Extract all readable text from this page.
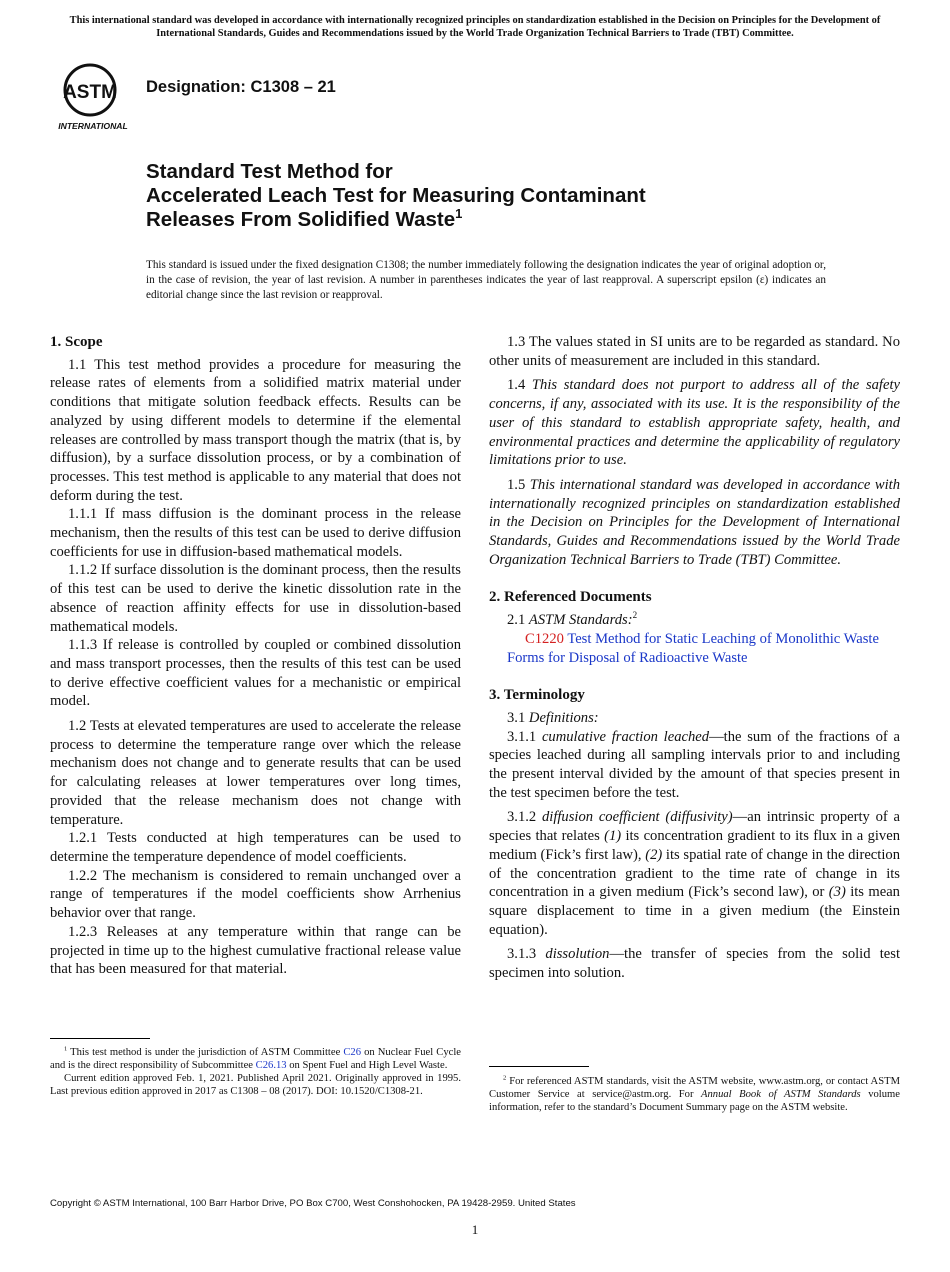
This international standard was developed in accordance with internationally recognized principles on standardization established in the Decision on Principles for the Development of International Standards, Guides and Recommendations issued by the World Trade Organization Technical Barriers to Trade (TBT) Committee.
ASTM
INTERNATIONAL
Designation: C1308 – 21
Standard Test Method for
Accelerated Leach Test for Measuring Contaminant
Releases From Solidified Waste$^1$
This standard is issued under the fixed designation C1308; the number immediately following the designation indicates the year of original adoption or, in the case of revision, the year of last revision. A number in parentheses indicates the year of last reapproval. A superscript epsilon (ε) indicates an editorial change since the last revision or reapproval.
1. Scope

1.1 This test method provides a procedure for measuring the release rates of elements from a solidified matrix material under conditions that mitigate solution feedback effects. Results can be analyzed by using different models to determine if the elemental releases are controlled by mass transport though the matrix (that is, by diffusion), by a surface dissolution process, or by a combination of processes. This test method is applicable to any material that does not deform during the test.

1.1.1 If mass diffusion is the dominant process in the release mechanism, then the results of this test can be used to derive diffusion coefficients for use in diffusion-based mathematical models.

1.1.2 If surface dissolution is the dominant process, then the results of this test can be used to derive the kinetic dissolution rate in the absence of reaction affinity effects for use in dissolution-based mathematical models.

1.1.3 If release is controlled by coupled or combined dissolution and mass transport processes, then the results of this test can be used to derive effective coefficient values for a mechanistic or empirical model.

1.2 Tests at elevated temperatures are used to accelerate the release process to determine the temperature range over which the release mechanism does not change and to generate results that can be used for calculating releases at lower temperatures over long times, provided that the release mechanism does not change with temperature.

1.2.1 Tests conducted at high temperatures can be used to determine the temperature dependence of model coefficients.

1.2.2 The mechanism is considered to remain unchanged over a range of temperatures if the model coefficients show Arrhenius behavior over that range.

1.2.3 Releases at any temperature within that range can be projected in time up to the highest cumulative fractional release value that has been measured for that material.

$^1$ This test method is under the jurisdiction of ASTM Committee C26 on Nuclear Fuel Cycle and is the direct responsibility of Subcommittee C26.13 on Spent Fuel and High Level Waste.

Current edition approved Feb. 1, 2021. Published April 2021. Originally approved in 1995. Last previous edition approved in 2017 as C1308 – 08 (2017). DOI: 10.1520/C1308-21.

1.3 The values stated in SI units are to be regarded as standard. No other units of measurement are included in this standard.

1.4 This standard does not purport to address all of the safety concerns, if any, associated with its use. It is the responsibility of the user of this standard to establish appropriate safety, health, and environmental practices and determine the applicability of regulatory limitations prior to use.

1.5 This international standard was developed in accordance with internationally recognized principles on standardization established in the Decision on Principles for the Development of International Standards, Guides and Recommendations issued by the World Trade Organization Technical Barriers to Trade (TBT) Committee.

2. Referenced Documents

2.1 ASTM Standards:$^2$

C1220 Test Method for Static Leaching of Monolithic Waste Forms for Disposal of Radioactive Waste

3. Terminology

3.1 Definitions:

3.1.1 cumulative fraction leached—the sum of the fractions of a species leached during all sampling intervals prior to and including the present interval divided by the amount of that species present in the test specimen before the test.

3.1.2 diffusion coefficient (diffusivity)—an intrinsic property of a species that relates (1) its concentration gradient to its flux in a given medium (Fick’s first law), (2) its spatial rate of change in the direction of the concentration gradient to the time rate of change in its concentration in a given medium (Fick’s second law), or (3) its mean square displacement to time in a given medium (the Einstein equation).

3.1.3 dissolution—the transfer of species from the solid test specimen into solution.

$^2$ For referenced ASTM standards, visit the ASTM website, www.astm.org, or contact ASTM Customer Service at service@astm.org. For Annual Book of ASTM Standards volume information, refer to the standard’s Document Summary page on the ASTM website.

Copyright © ASTM International, 100 Barr Harbor Drive, PO Box C700, West Conshohocken, PA 19428-2959. United States
1
